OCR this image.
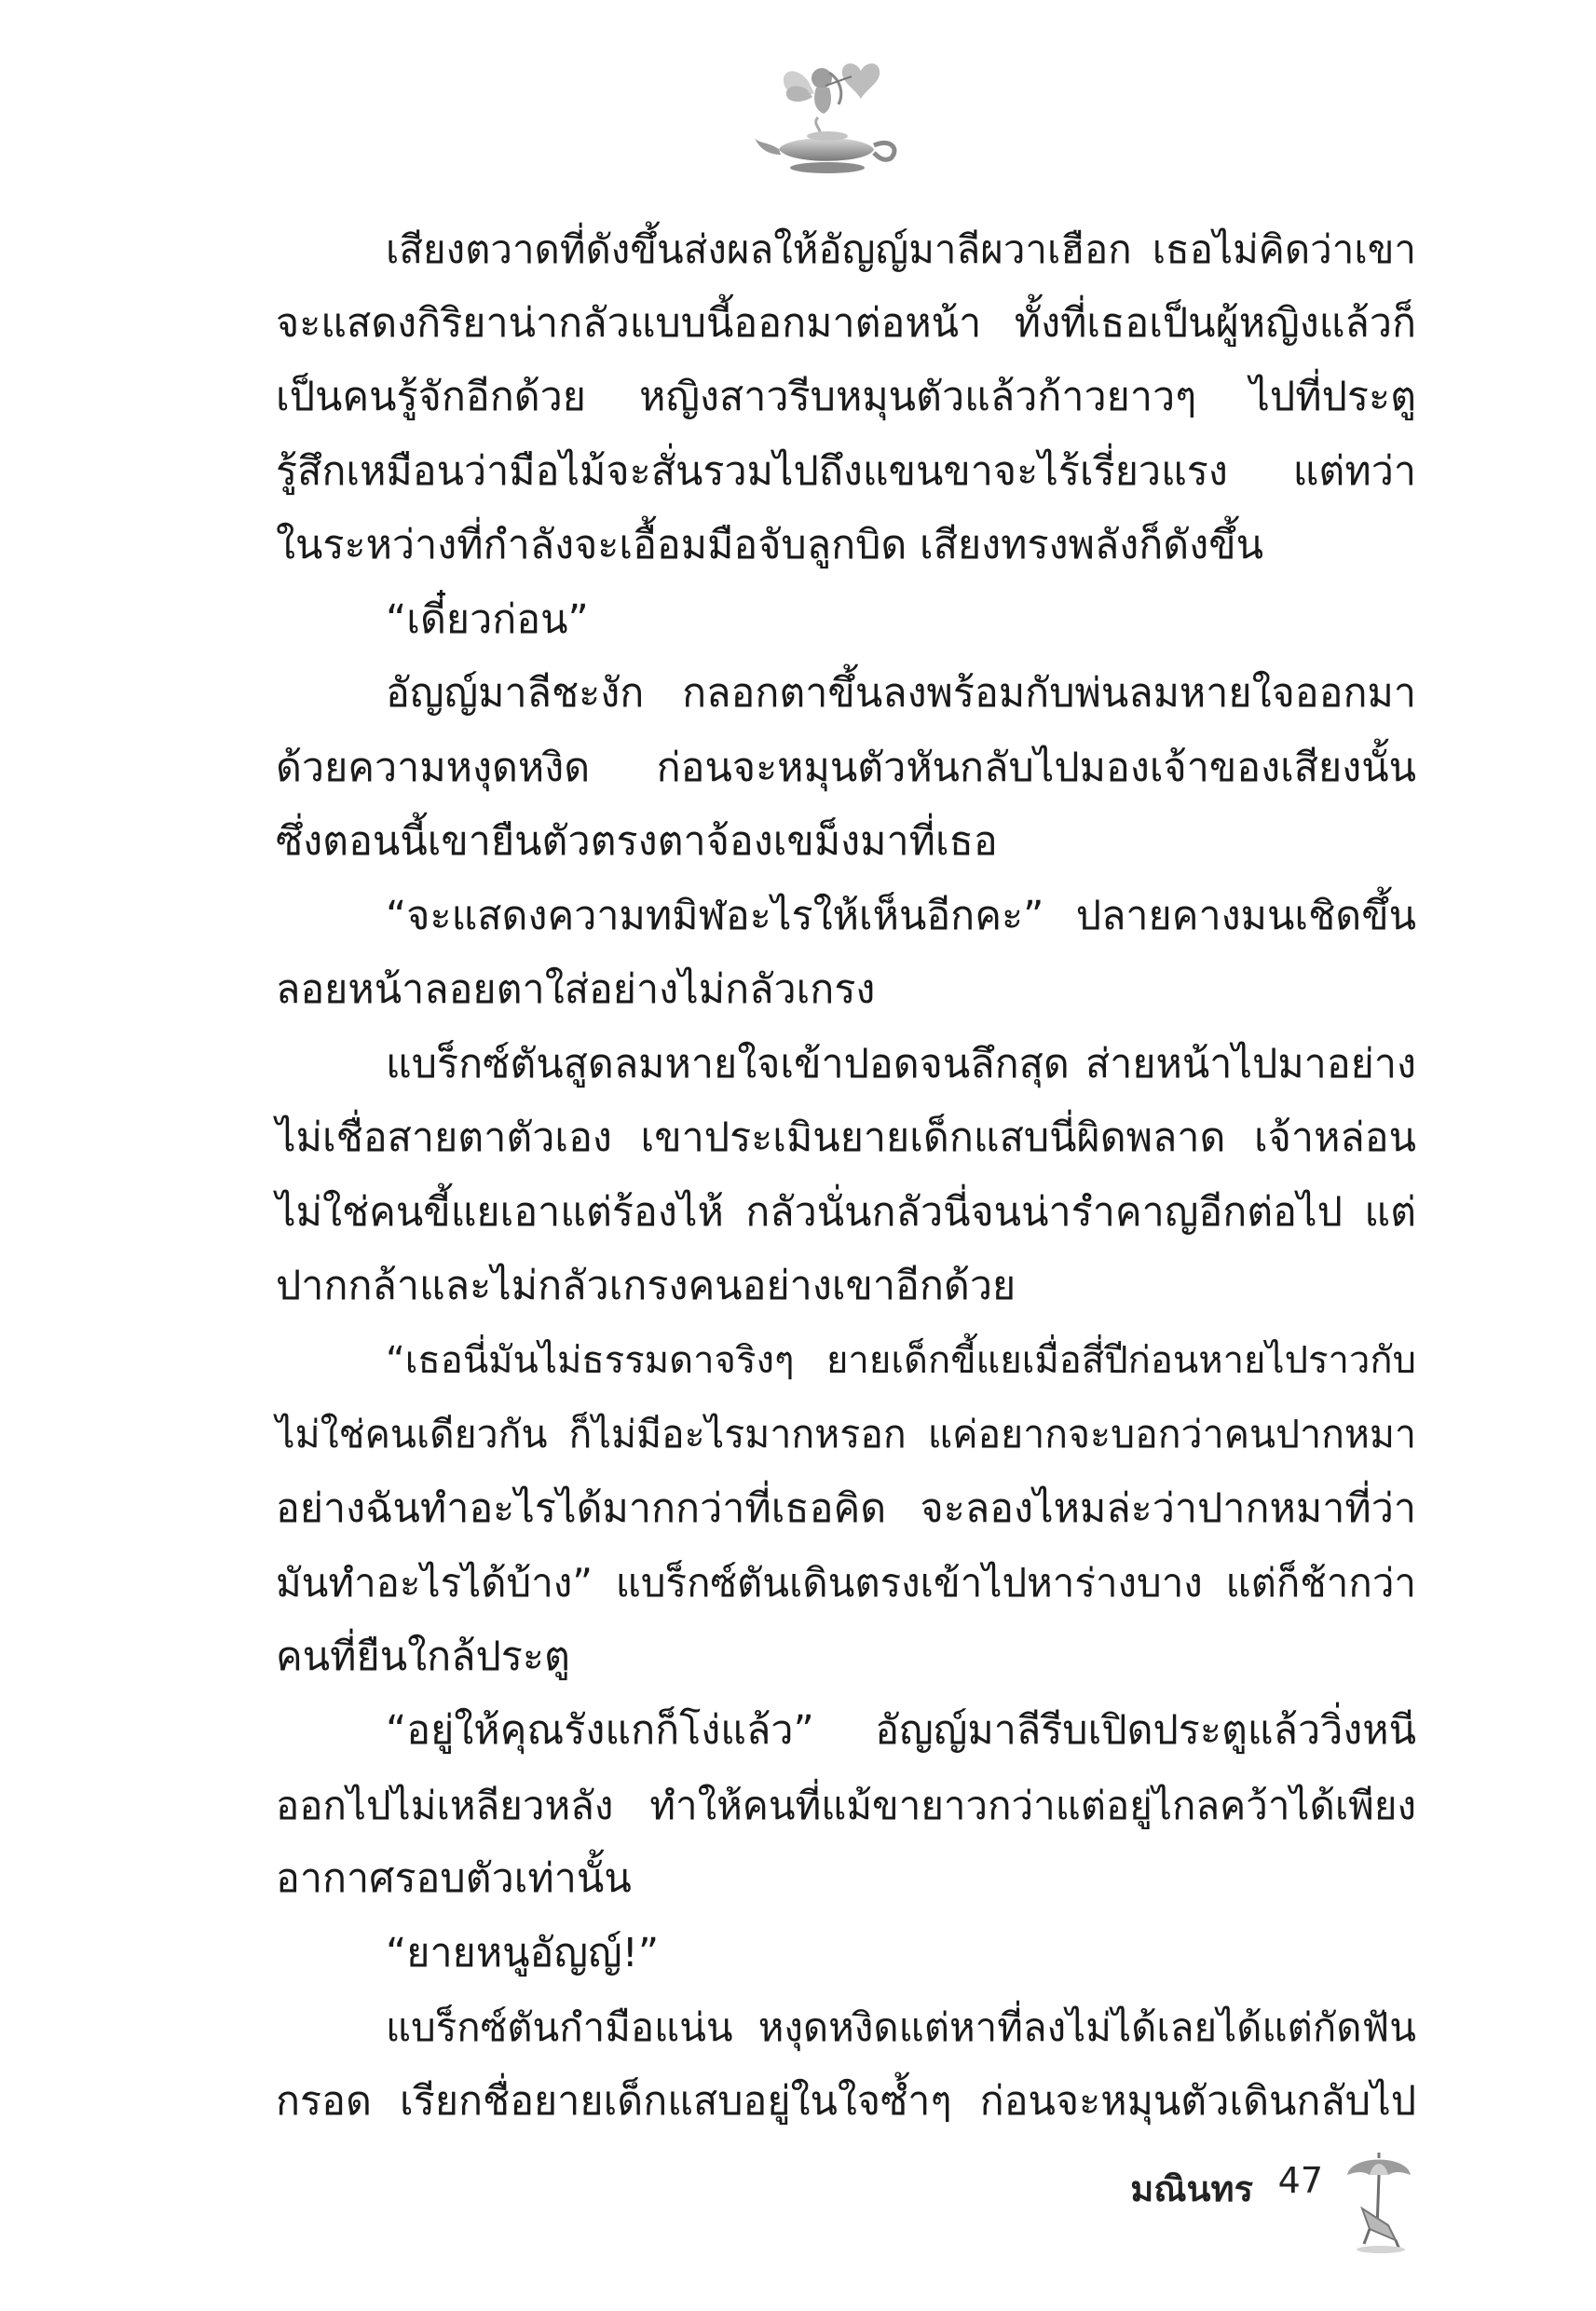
เสียงตวาดที่ดังขึ้นส่งผลให้อัญญ์มาลีผวาเฮือก เธอไม่คิดว่าเขา
จะแสดงกิริยาน่ากลัวแบบนี้ออกมาต่อหน้า ทั้งที่เธอเป็นผู้หญิงแล้วก็
เป็นคนรู้จักอีกด้วย หญิงสาวรีบหมุนตัวแล้วก้าวยาวๆ ไปที่ประตู
รู้สึกเหมือนว่ามือไม้จะสั่นรวมไปถึงแขนขาจะไร้เรี่ยวแรง แต่ทว่า
ในระหว่างที่กำลังจะเอื้อมมือจับลูกบิด เสียงทรงพลังก็ดังขึ้น
“เดี๋ยวก่อน”
อัญญ์มาลีชะงัก กลอกตาขึ้นลงพร้อมกับพ่นลมหายใจออกมา
ด้วยความหงุดหงิด ก่อนจะหมุนตัวหันกลับไปมองเจ้าของเสียงนั้น
ซึ่งตอนนี้เขายืนตัวตรงตาจ้องเขม็งมาที่เธอ
“จะแสดงความทมิฬอะไรให้เห็นอีกคะ” ปลายคางมนเชิดขึ้น
ลอยหน้าลอยตาใส่อย่างไม่กลัวเกรง
แบร็กซ์ตันสูดลมหายใจเข้าปอดจนลึกสุด ส่ายหน้าไปมาอย่าง
ไม่เชื่อสายตาตัวเอง เขาประเมินยายเด็กแสบนี่ผิดพลาด เจ้าหล่อน
ไม่ใช่คนขี้แยเอาแต่ร้องไห้ กลัวนั่นกลัวนี่จนน่ารำคาญอีกต่อไป แต่
ปากกล้าและไม่กลัวเกรงคนอย่างเขาอีกด้วย
“เธอนี่มันไม่ธรรมดาจริงๆ ยายเด็กขี้แยเมื่อสี่ปีก่อนหายไปราวกับ
ไม่ใช่คนเดียวกัน ก็ไม่มีอะไรมากหรอก แค่อยากจะบอกว่าคนปากหมา
อย่างฉันทำอะไรได้มากกว่าที่เธอคิด จะลองไหมล่ะว่าปากหมาที่ว่า
มันทำอะไรได้บ้าง” แบร็กซ์ตันเดินตรงเข้าไปหาร่างบาง แต่ก็ช้ากว่า
คนที่ยืนใกล้ประตู
“อยู่ให้คุณรังแกก็โง่แล้ว” อัญญ์มาลีรีบเปิดประตูแล้ววิ่งหนี
ออกไปไม่เหลียวหลัง ทำให้คนที่แม้ขายาวกว่าแต่อยู่ไกลคว้าได้เพียง
อากาศรอบตัวเท่านั้น
“ยายหนูอัญญ์!”
แบร็กซ์ตันกำมือแน่น หงุดหงิดแต่หาที่ลงไม่ได้เลยได้แต่กัดฟัน
กรอด เรียกชื่อยายเด็กแสบอยู่ในใจซ้ำๆ ก่อนจะหมุนตัวเดินกลับไป
มณินทร 47
